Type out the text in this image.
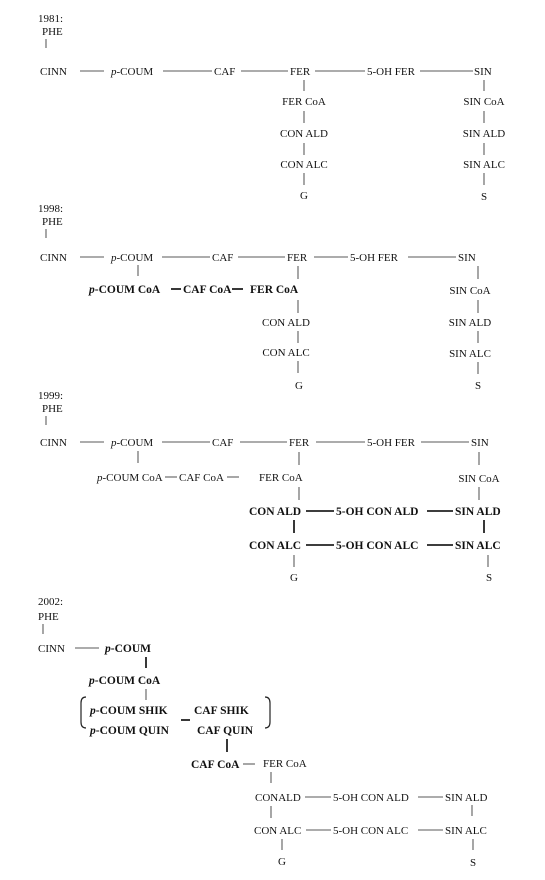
1981:
PHE
CINN	p-COUM	CAF	FER	5-OH FER	SIN
FER CoA
CON ALD
CON ALC
G
SIN CoA
SIN ALD
SIN ALC
S
1998:
PHE
CINN	p-COUM	CAF	FER	5-OH FER	SIN
p-COUM CoA CAF CoA FER CoA
CON ALD
CON ALC
G
SIN CoA
SIN ALD
SIN ALC
S
1999:
PHE
CINN	p-COUM	CAF	FER	5-OH FER	SIN
p-COUM CoA CAF CoA	FER CoA	SIN CoA
CON ALD	5-OH CON ALD	SIN ALD
CON ALC	5-OH CON ALC	SIN ALC
G	S
2002:
PHE
CINN	p-COUM
p-COUM CoA
p-COUM SHIK CAF SHIK
p-COUM QUIN CAF QUIN
CAF CoA FER CoA
CONALD	5-OH CON ALD	SIN ALD
CON ALC	5-OH CON ALC	SIN ALC
G	S
